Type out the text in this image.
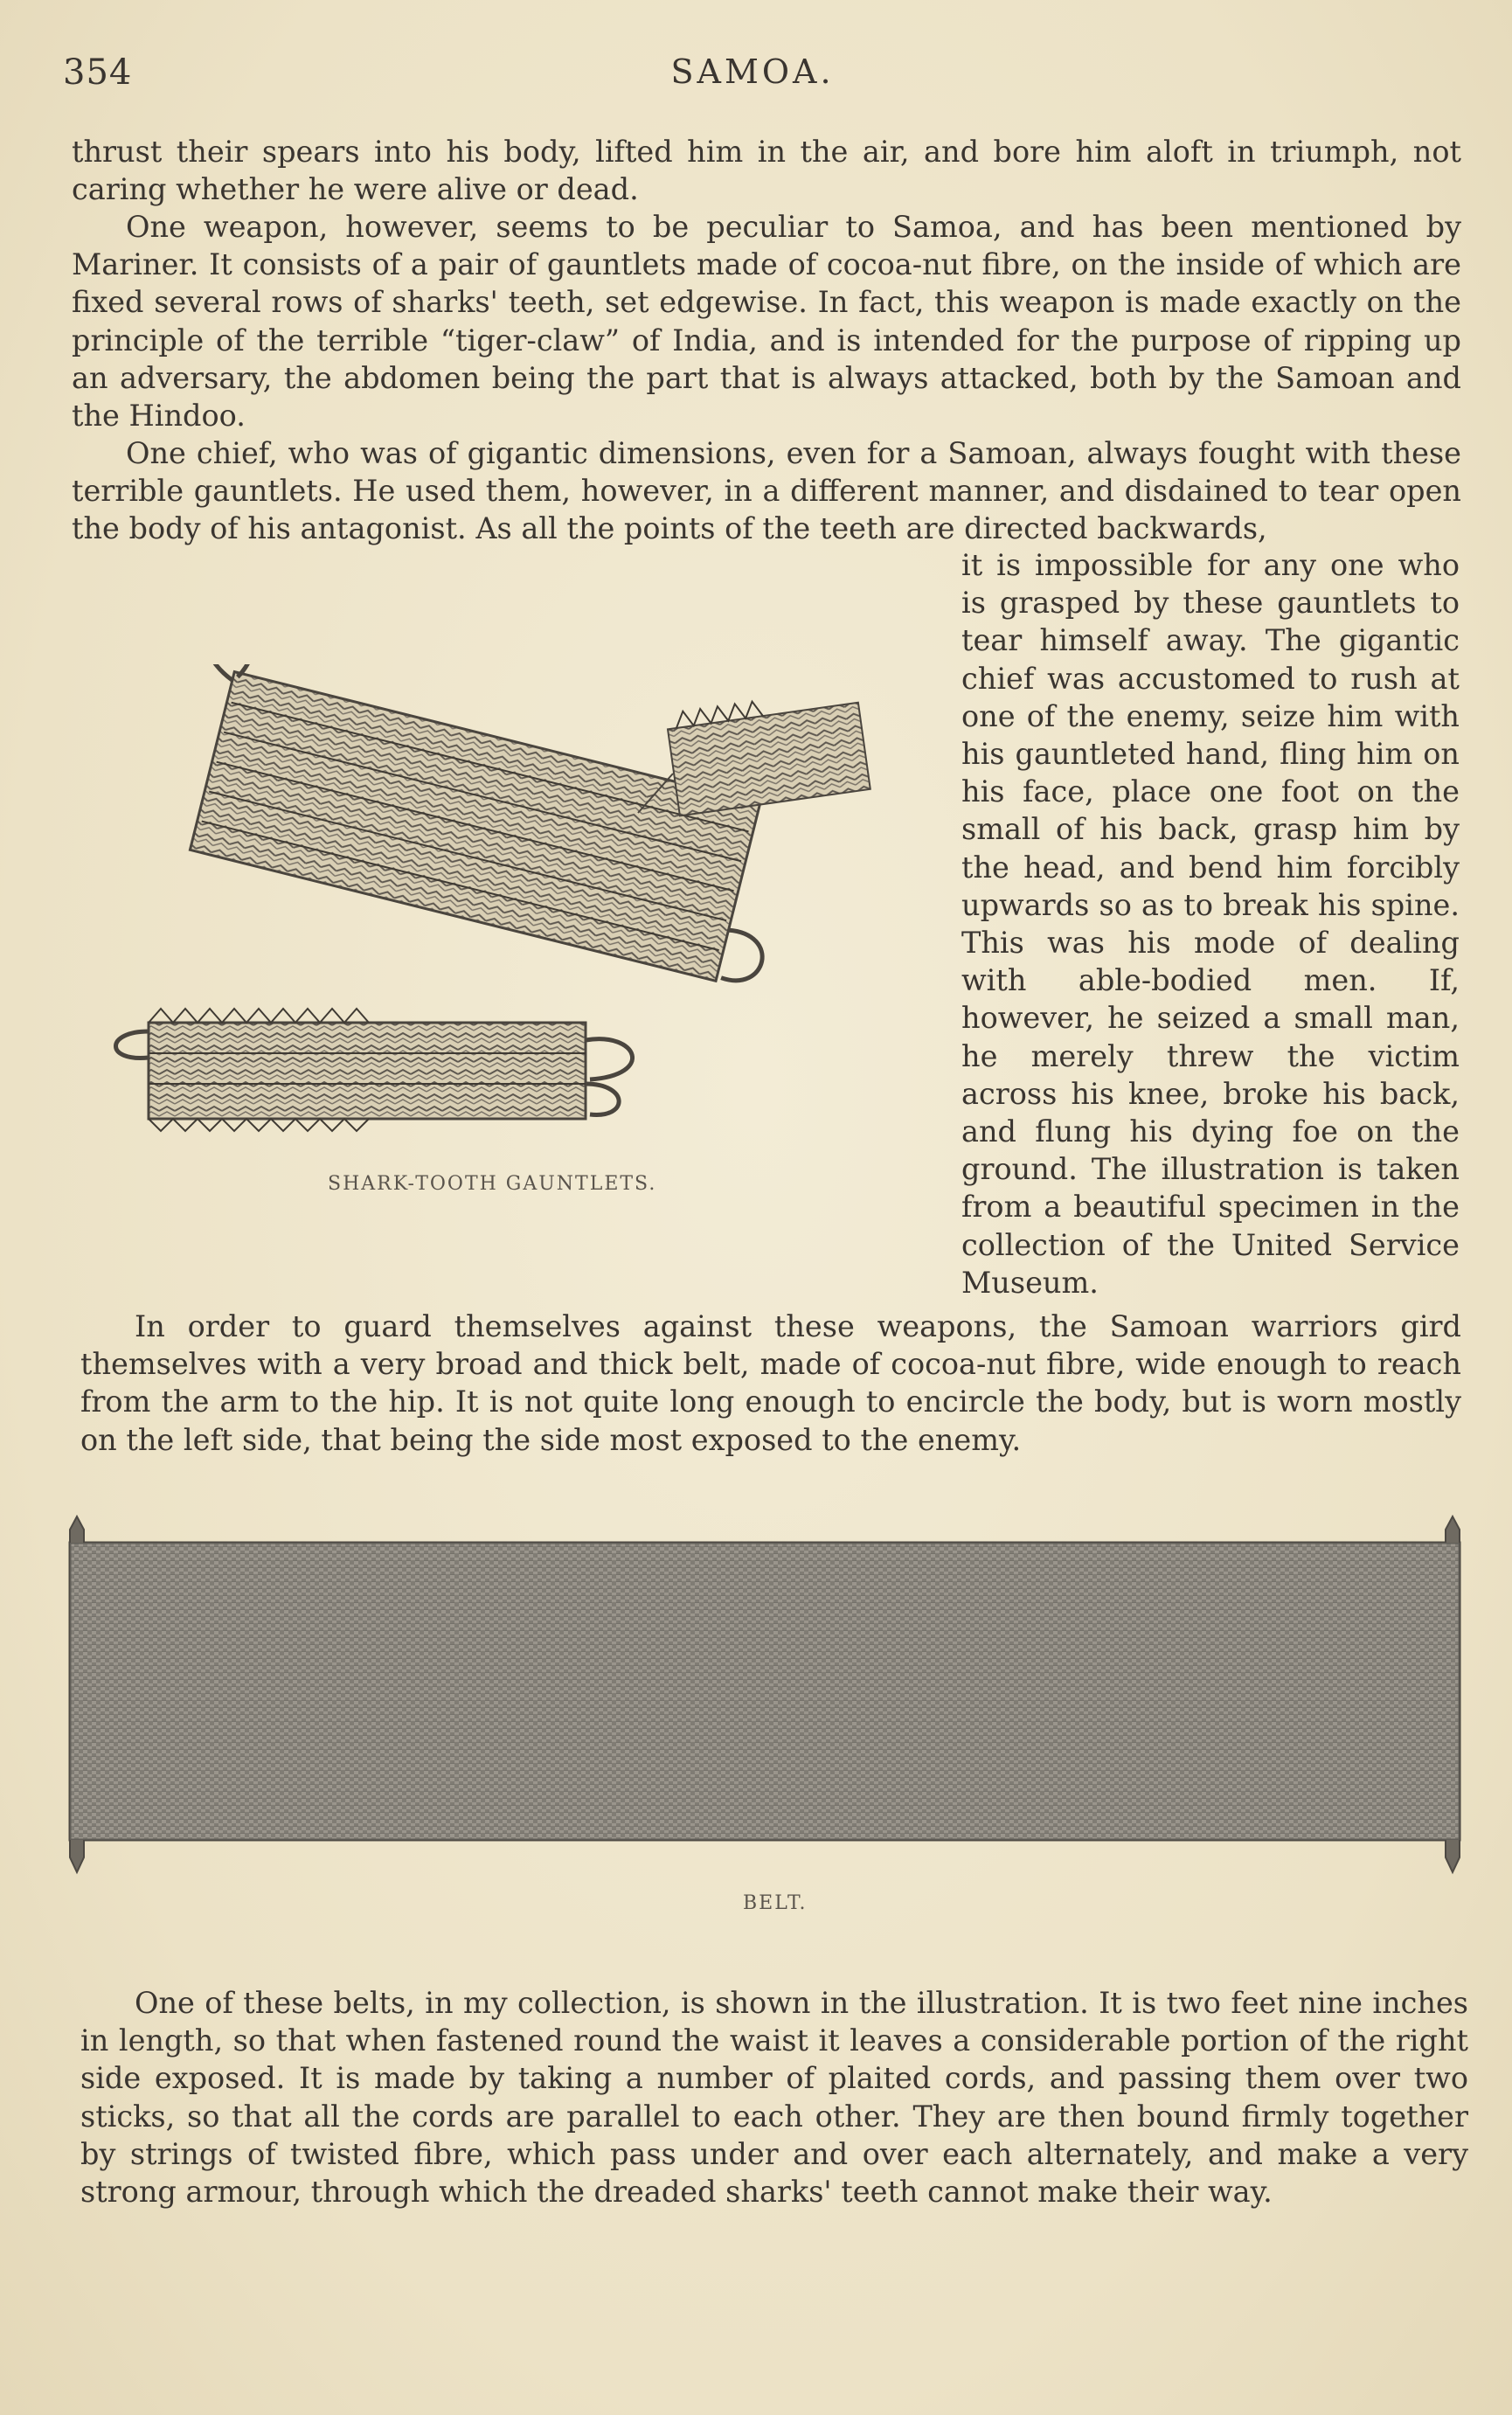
354	SAMOA.

thrust their spears into his body, lifted him in the air, and bore him aloft in triumph, not caring whether he were alive or dead.

One weapon, however, seems to be peculiar to Samoa, and has been mentioned by Mariner. It consists of a pair of gauntlets made of cocoa-nut fibre, on the inside of which are fixed several rows of sharks' teeth, set edgewise. In fact, this weapon is made exactly on the principle of the terrible “tiger-claw” of India, and is intended for the purpose of ripping up an adversary, the abdomen being the part that is always attacked, both by the Samoan and the Hindoo.

One chief, who was of gigantic dimensions, even for a Samoan, always fought with these terrible gauntlets. He used them, however, in a different manner, and disdained to tear open the body of his antagonist. As all the points of the teeth are directed backwards,

it is impossible for any one who is grasped by these gauntlets to tear himself away. The gigantic chief was accustomed to rush at one of the enemy, seize him with his gauntleted hand, fling him on his face, place one foot on the small of his back, grasp him by the head, and bend him forcibly upwards so as to break his spine. This was his mode of dealing with able-bodied men. If, however, he seized a small man, he merely threw the victim across his knee, broke his back, and flung his dying foe on the ground. The illustration is taken from a beautiful specimen in the collection of the United Service Museum.

SHARK-TOOTH GAUNTLETS.

In order to guard themselves against these weapons, the Samoan warriors gird themselves with a very broad and thick belt, made of cocoa-nut fibre, wide enough to reach from the arm to the hip. It is not quite long enough to encircle the body, but is worn mostly on the left side, that being the side most exposed to the enemy.

BELT.

One of these belts, in my collection, is shown in the illustration. It is two feet nine inches in length, so that when fastened round the waist it leaves a considerable portion of the right side exposed. It is made by taking a number of plaited cords, and passing them over two sticks, so that all the cords are parallel to each other. They are then bound firmly together by strings of twisted fibre, which pass under and over each alternately, and make a very strong armour, through which the dreaded sharks' teeth cannot make their way.
